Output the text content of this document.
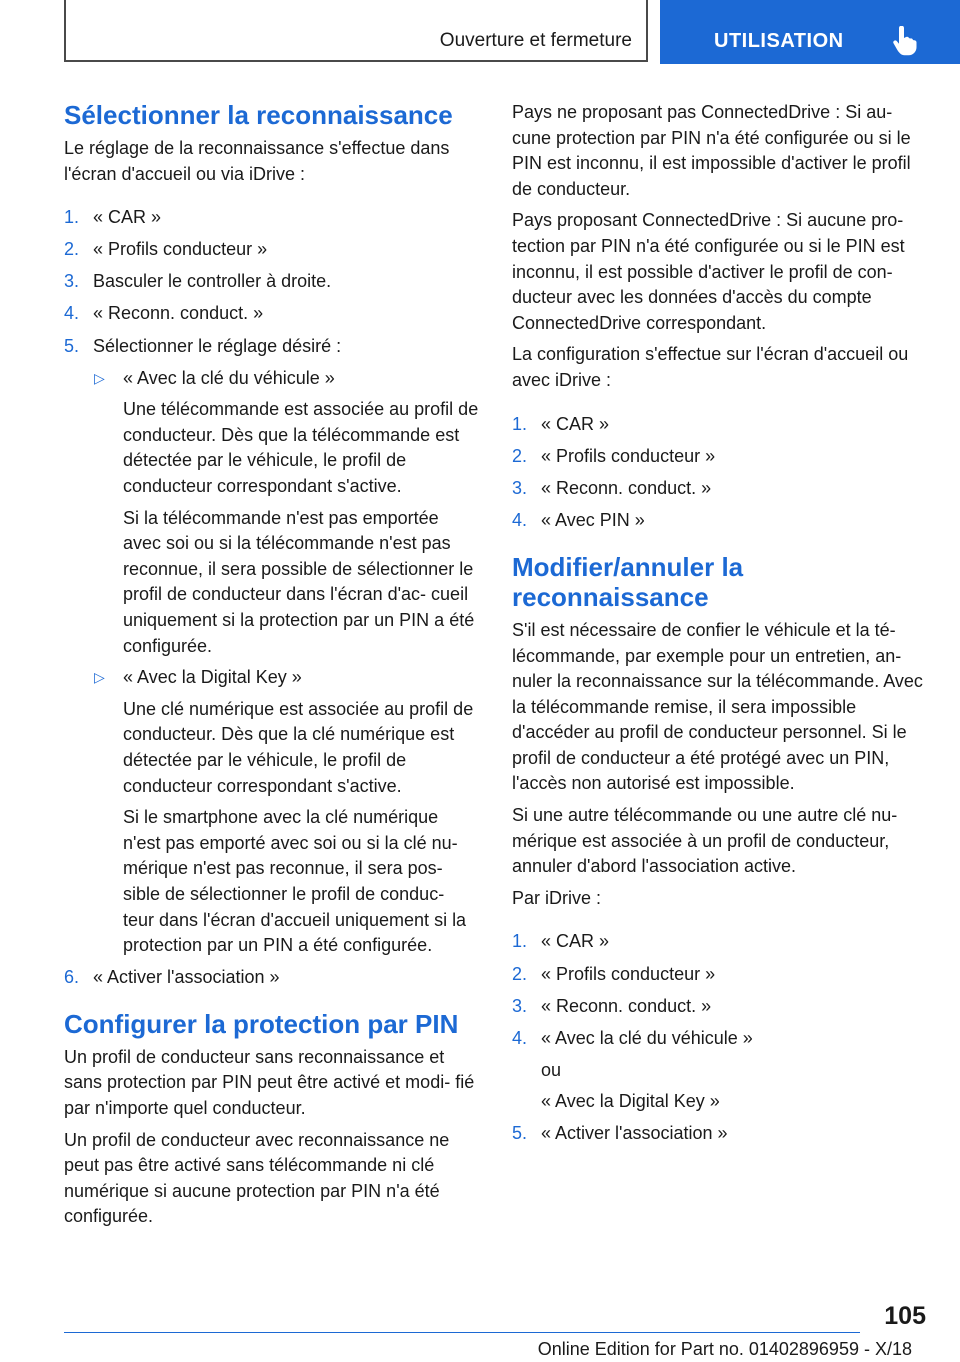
Ouverture et fermeture	UTILISATION
Sélectionner la reconnaissance

Le réglage de la reconnaissance s'effectue dans l'écran d'accueil ou via iDrive :

1. « CAR »
2. « Profils conducteur »
3. Basculer le controller à droite.
4. « Reconn. conduct. »
5. Sélectionner le réglage désiré :
▷ « Avec la clé du véhicule »
Une télécommande est associée au profil de conducteur. Dès que la télécommande est détectée par le véhicule, le profil de conducteur correspondant s'active.
Si la télécommande n'est pas emportée avec soi ou si la télécommande n'est pas reconnue, il sera possible de sélectionner le profil de conducteur dans l'écran d'ac‐ cueil uniquement si la protection par un PIN a été configurée.
▷ « Avec la Digital Key »
Une clé numérique est associée au profil de conducteur. Dès que la clé numérique est détectée par le véhicule, le profil de conducteur correspondant s'active.
Si le smartphone avec la clé numérique n'est pas emporté avec soi ou si la clé nu‐ mérique n'est pas reconnue, il sera pos‐ sible de sélectionner le profil de conduc‐ teur dans l'écran d'accueil uniquement si la protection par un PIN a été configurée.
6. « Activer l'association »
Configurer la protection par PIN

Un profil de conducteur sans reconnaissance et sans protection par PIN peut être activé et modi‐ fié par n'importe quel conducteur.

Un profil de conducteur avec reconnaissance ne peut pas être activé sans télécommande ni clé numérique si aucune protection par PIN n'a été configurée.

Pays ne proposant pas ConnectedDrive : Si au‐ cune protection par PIN n'a été configurée ou si le PIN est inconnu, il est impossible d'activer le profil de conducteur.

Pays proposant ConnectedDrive : Si aucune pro‐ tection par PIN n'a été configurée ou si le PIN est inconnu, il est possible d'activer le profil de con‐ ducteur avec les données d'accès du compte ConnectedDrive correspondant.

La configuration s'effectue sur l'écran d'accueil ou avec iDrive :

1. « CAR »
2. « Profils conducteur »
3. « Reconn. conduct. »
4. « Avec PIN »
Modifier/annuler la reconnaissance

S'il est nécessaire de confier le véhicule et la té‐ lécommande, par exemple pour un entretien, an‐ nuler la reconnaissance sur la télécommande. Avec la télécommande remise, il sera impossible d'accéder au profil de conducteur personnel. Si le profil de conducteur a été protégé avec un PIN, l'accès non autorisé est impossible.

Si une autre télécommande ou une autre clé nu‐ mérique est associée à un profil de conducteur, annuler d'abord l'association active.

Par iDrive :

1. « CAR »
2. « Profils conducteur »
3. « Reconn. conduct. »
4. « Avec la clé du véhicule »
ou
« Avec la Digital Key »
5. « Activer l'association »
105
Online Edition for Part no. 01402896959 - X/18
